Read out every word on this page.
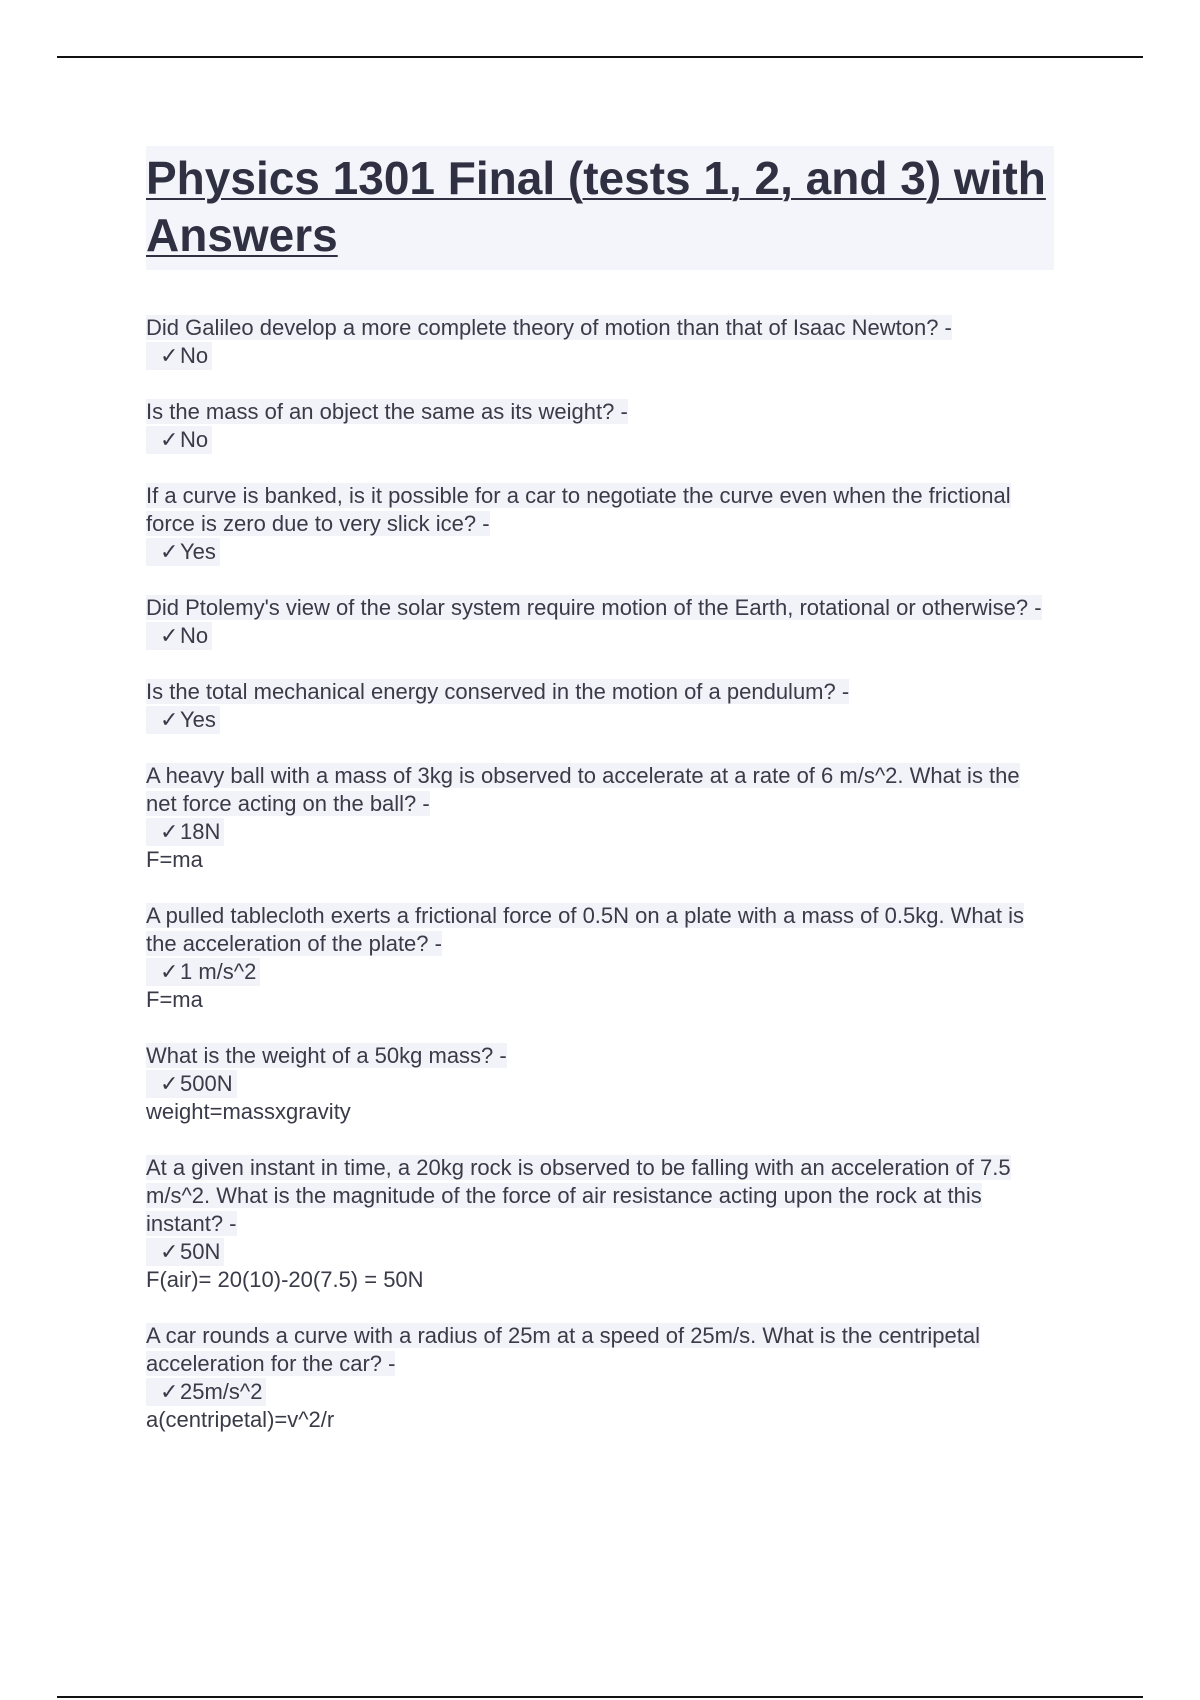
Physics 1301 Final (tests 1, 2, and 3) with Answers
Did Galileo develop a more complete theory of motion than that of Isaac Newton? -
✓No
Is the mass of an object the same as its weight? -
✓No
If a curve is banked, is it possible for a car to negotiate the curve even when the frictional force is zero due to very slick ice? -
✓Yes
Did Ptolemy's view of the solar system require motion of the Earth, rotational or otherwise? -
✓No
Is the total mechanical energy conserved in the motion of a pendulum? -
✓Yes
A heavy ball with a mass of 3kg is observed to accelerate at a rate of 6 m/s^2. What is the net force acting on the ball? -
✓18N
F=ma
A pulled tablecloth exerts a frictional force of 0.5N on a plate with a mass of 0.5kg. What is the acceleration of the plate? -
✓1 m/s^2
F=ma
What is the weight of a 50kg mass? -
✓500N
weight=massxgravity
At a given instant in time, a 20kg rock is observed to be falling with an acceleration of 7.5 m/s^2. What is the magnitude of the force of air resistance acting upon the rock at this instant? -
✓50N
F(air)= 20(10)-20(7.5) = 50N
A car rounds a curve with a radius of 25m at a speed of 25m/s. What is the centripetal acceleration for the car? -
✓25m/s^2
a(centripetal)=v^2/r
